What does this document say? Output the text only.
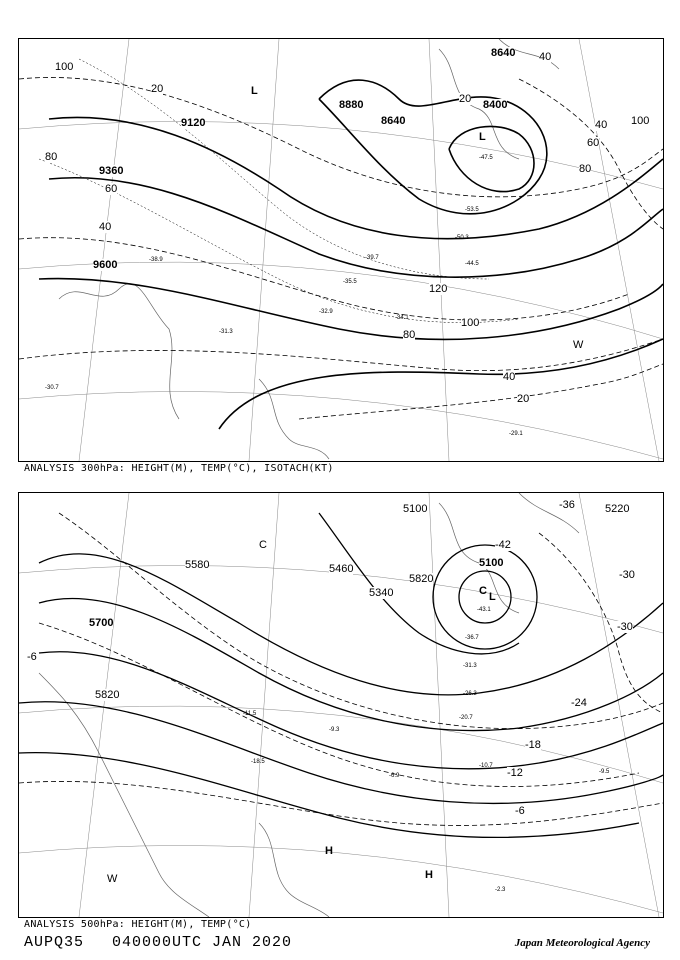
9120
9360
9600
8880
8640
8640
8400
100
80
60
40
20
120
100
80
40
20
40
60
80
100
20
40
L
L
W
-29.1
-31.3
-30.7
-34.1
-35.5
-39.7
-44.5
-50.3
-53.5
-47.5
-38.9
-32.9
ANALYSIS 300hPa: HEIGHT(M), TEMP(°C), ISOTACH(KT)
5100	5220
5100
5340
5460
5580
5700
5820
5820
-42
-36
-30
-24
-18
-12
-6
-6
-30
C
C L
H
H
W
-43.1
-36.7
-31.3
-26.3
-20.7
-10.7
-9.5
-6.9
-2.3
-9.3
-11.5
-18.5
ANALYSIS 500hPa: HEIGHT(M), TEMP(°C)
AUPQ35 040000UTC JAN 2020	Japan Meteorological Agency
